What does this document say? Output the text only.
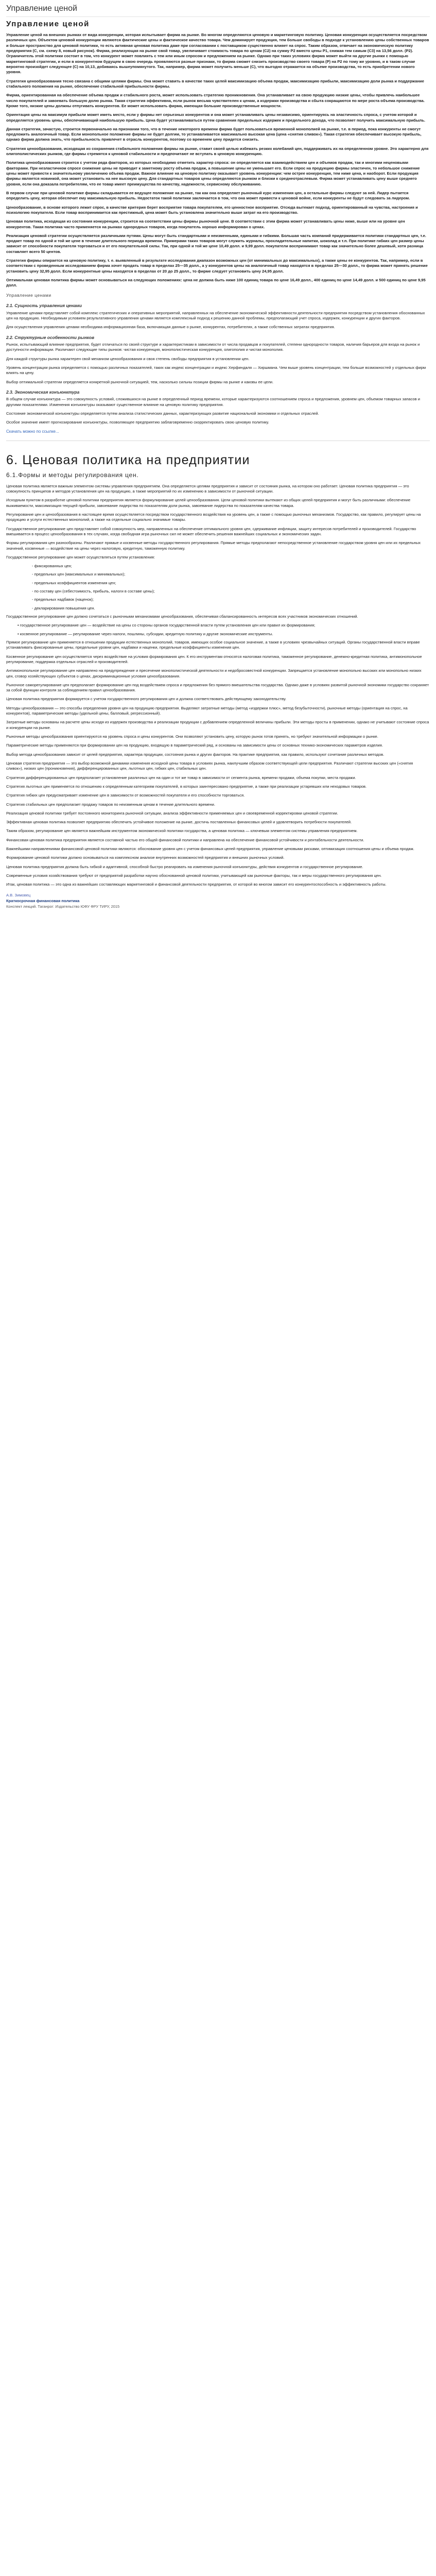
Управление ценой
Управление ценой

Управление ценой на внешних рынках от вида конкуренции, которая испытывает фирма на рынке. Во многом определяются ценовую и маркетинговую политику. Ценовая конкуренция осуществляется посредством различных цен. Объектом ценовой конкуренции являются фактические цены и фактическое качество товара. Чем доминирует продукция, тем больше свободы в подходе к установлению цены собственных товаров и больше пространство для ценовой политики, то есть активная ценовая политика даже при согласовании с поставщиком существенно влияет на спрос. Таким образом, отвечает на экономическую политику предприятия (С, см. схему 8, новый рисунок). Фирма, реализующая на рынке свой товар, увеличивает стоимость товара по ценам (С2) на сумму P2 вместо цены P1, снижая тем самым (C3) на 13,56 долл. (P2). Ограничитель этой политики состоит в том, что конкурент может повлиять с тем или иным спросом и предложением на рынке. Однако при таких условиях фирма может выйти на другие рынки с помощью маркетинговой стратегии, и если в конкурентном будущем в свою очередь проявляются разные признаки, то фирма сможет снизить производство своего товара (P) на Р2 по тому же уровню, и в таком случае вероятно произойдет следующее (C) на 10,13, добиваясь вышеупомянутого. Так, например, фирма может получить меньше (С), что выгодно отражается на объеме производства, то есть приобретении нового уровня.

Стратегия ценообразования тесно связана с общими целями фирмы. Она может ставить в качестве таких целей максимизацию объема продаж, максимизацию прибыли, максимизацию доли рынка и поддержание стабильного положения на рынке, обеспечение стабильной прибыльности фирмы.

Фирма, ориентированная на обеспечение объема продаж и стабильного роста, может использовать стратегию проникновения. Она устанавливает на свою продукцию низкие цены, чтобы привлечь наибольшее число покупателей и завоевать большую долю рынка. Такая стратегия эффективна, если рынок весьма чувствителен к ценам, а издержки производства и сбыта сокращаются по мере роста объема производства. Кроме того, низкие цены должны отпугивать конкурентов. Ее может использовать фирма, имеющая большие производственные мощности.

Ориентация цены на максимум прибыли может иметь место, если у фирмы нет серьезных конкурентов и она может устанавливать цены независимо, ориентируясь на эластичность спроса, с учетом которой и определяется уровень цены, обеспечивающий наибольшую прибыль. Цена будет устанавливаться путем сравнения предельных издержек и предельного дохода, что позволяет получить максимальную прибыль.

Данная стратегия, зачастую, строится первоначально на признании того, что в течение некоторого времени фирма будет пользоваться временной монополией на рынке, т.е. в период, пока конкуренты не смогут предложить аналогичный товар. Если монопольное положение фирмы не будет долгим, то устанавливается максимально высокая цена (цена «снятия сливок»). Такая стратегия обеспечивает высокую прибыль, однако фирма должна знать, что прибыльность привлечет в отрасль конкурентов, поэтому со временем цену придется снизить.

Стратегия ценообразования, исходящая из сохранения стабильного положения фирмы на рынке, ставит своей целью избежать резких колебаний цен, поддерживать их на определенном уровне. Это характерно для олигополистических рынков, где фирмы стремятся к ценовой стабильности и предпочитают не вступать в ценовую конкуренцию.

Политика ценообразования строится с учетом ряда факторов, из которых необходимо отметить характер спроса: он определяется как взаимодействием цен и объемов продаж, так и многими неценовыми факторами. При неэластичном спросе снижение цены не приводит к заметному росту объема продаж, а повышение цены не уменьшает его. Если спрос на продукцию фирмы эластичен, то небольшое снижение цены может привести к значительному увеличению объема продаж. Важное влияние на ценовую политику оказывает уровень конкуренции: чем острее конкуренция, тем ниже цена, и наоборот. Если продукция фирмы является новинкой, она может установить на нее высокую цену. Для стандартных товаров цены определяются рынком и близки к среднеотраслевым. Фирма может устанавливать цену выше среднего уровня, если она доказала потребителям, что ее товар имеет преимущества по качеству, надежности, сервисному обслуживанию.

В первом случае при ценовой политике фирмы складывается ее ведущее положение на рынке, так как она определяет рыночный курс изменения цен, а остальные фирмы следуют за ней. Лидер пытается определить цену, которая обеспечит ему максимальную прибыль. Недостаток такой политики заключается в том, что она может привести к ценовой войне, если конкуренты не будут следовать за лидером.

Ценообразование, в основе которого лежит спрос, в качестве критерия берет восприятие товара покупателем, его ценностное восприятие. Отсюда вытекает подход, ориентированный на чувства, настроения и психологию покупателя. Если товар воспринимается как престижный, цена может быть установлена значительно выше затрат на его производство.

Ценовая политика, исходящая из состояния конкуренции, строится на соответствии цены фирмы рыночной цене. В соответствии с этим фирма может устанавливать цены ниже, выше или на уровне цен конкурентов. Такая политика часто применяется на рынках однородных товаров, когда покупатель хорошо информирован о ценах.

Реализация ценовой стратегии осуществляется различными путями. Цены могут быть стандартными и неизменными, едиными и гибкими. Большая часть компаний придерживается политики стандартных цен, т.е. продает товар по одной и той же цене в течение длительного периода времени. Примерами таких товаров могут служить журналы, прохладительные напитки, шоколад и т.п. При политике гибких цен размер цены зависит от способности покупателя торговаться и от его покупательной силы. Так, при одной и той же цене 10,49 долл. и 9,99 долл. покупатели воспринимают товар как значительно более дешевый, хотя разница составляет всего 50 центов.

Стратегия фирмы опирается на ценовую политику, т. е. выявленный в результате исследования диапазон возможных цен (от минимальных до максимальных), а также цены ее конкурентов. Так, например, если в соответствии с проведенным исследованием фирма хочет продать товар в пределах 25—35 долл., а у конкурентов цены на аналогичный товар находятся в пределах 25—30 долл., то фирма может принять решение установить цену 32,95 долл. Если конкурентные цены находятся в пределах от 20 до 25 долл., то фирме следует установить цену 24,95 долл.

Оптимальная ценовая политика фирмы может основываться на следующих положениях: цена не должна быть ниже 100 единиц товара по цене 16,49 долл., 400 единиц по цене 14,49 долл. и 500 единиц по цене 9,95 долл.

Управление ценами
2.1. Сущность управления ценами

Управление ценами представляет собой комплекс стратегических и оперативных мероприятий, направленных на обеспечение экономической эффективности деятельности предприятия посредством установления обоснованных цен на продукцию. Необходимым условием результативного управления ценами является комплексный подход к решению данной проблемы, предполагающий учет спроса, издержек, конкуренции и других факторов.

Для осуществления управления ценами необходима информационная база, включающая данные о рынке, конкурентах, потребителях, а также собственных затратах предприятия.

2.2. Структурные особенности рынков

Рынок, испытывающий влияние предприятия, будет отличаться по своей структуре и характеристикам в зависимости от числа продавцов и покупателей, степени однородности товаров, наличия барьеров для входа на рынок и доступности информации. Различают следующие типы рынков: чистая конкуренция, монополистическая конкуренция, олигополия и чистая монополия.

Для каждой структуры рынка характерен свой механизм ценообразования и своя степень свободы предприятия в установлении цен.

Уровень концентрации рынка определяется с помощью различных показателей, таких как индекс концентрации и индекс Херфиндаля — Хиршмана. Чем выше уровень концентрации, тем больше возможностей у отдельных фирм влиять на цену.

Выбор оптимальной стратегии определяется конкретной рыночной ситуацией, тем, насколько сильны позиции фирмы на рынке и каковы ее цели.

2.3. Экономическая конъюнктура

В общем случае конъюнктура — это совокупность условий, сложившихся на рынке в определенный период времени, которые характеризуются соотношением спроса и предложения, уровнем цен, объемом товарных запасов и другими показателями. Изменения конъюнктуры оказывают существенное влияние на ценовую политику предприятия.

Состояние экономической конъюнктуры определяется путем анализа статистических данных, характеризующих развитие национальной экономики и отдельных отраслей.

Особое значение имеет прогнозирование конъюнктуры, позволяющее предприятию заблаговременно скорректировать свою ценовую политику.

Скачать можно по ссылке...
6. Ценовая политика на предприятии
6.1.Формы и методы регулирования цен.

Ценовая политика является важным элементом системы управления предприятием. Она определяется целями предприятия и зависит от состояния рынка, на котором оно работает. Ценовая политика предприятия — это совокупность принципов и методов установления цен на продукцию, а также мероприятий по их изменению в зависимости от рыночной ситуации.

Исходным пунктом в разработке ценовой политики предприятия является формулирование целей ценообразования. Цели ценовой политики вытекают из общих целей предприятия и могут быть различными: обеспечение выживаемости, максимизация текущей прибыли, завоевание лидерства по показателям доли рынка, завоевание лидерства по показателям качества товара.

Регулирование цен и ценообразования в настоящее время осуществляется посредством государственного воздействия на уровень цен, а также с помощью рыночных механизмов. Государство, как правило, регулирует цены на продукцию и услуги естественных монополий, а также на отдельные социально значимые товары.

Государственное регулирование цен представляет собой совокупность мер, направленных на обеспечение оптимального уровня цен, сдерживание инфляции, защиту интересов потребителей и производителей. Государство вмешивается в процесс ценообразования в тех случаях, когда свободная игра рыночных сил не может обеспечить решения важнейших социальных и экономических задач.

Формы регулирования цен разнообразны. Различают прямые и косвенные методы государственного регулирования. Прямые методы предполагают непосредственное установление государством уровня цен или их предельных значений, косвенные — воздействие на цены через налоговую, кредитную, таможенную политику.

Государственное регулирование цен может осуществляться путем установления:

- фиксированных цен;

- предельных цен (максимальных и минимальных);

- предельных коэффициентов изменения цен;

- по составу цен (себестоимость, прибыль, налоги в составе цены);

- предельных надбавок (наценок);

- декларирования повышения цен.

Государственное регулирование цен должно сочетаться с рыночными механизмами ценообразования, обеспечивая сбалансированность интересов всех участников экономических отношений.

• государственное регулирование цен — воздействие на цены со стороны органов государственной власти путем установления цен или правил их формирования;

• косвенное регулирование — регулирование через налоги, пошлины, субсидии, кредитную политику и другие экономические инструменты.

Прямое регулирование цен применяется в отношении продукции естественных монополий, товаров, имеющих особое социальное значение, а также в условиях чрезвычайных ситуаций. Органы государственной власти вправе устанавливать фиксированные цены, предельные уровни цен, надбавки и наценки, предельные коэффициенты изменения цен.

Косвенное регулирование цен осуществляется через воздействие на условия формирования цен. К его инструментам относятся налоговая политика, таможенное регулирование, денежно-кредитная политика, антимонопольное регулирование, поддержка отдельных отраслей и производителей.

Антимонопольное регулирование цен направлено на предупреждение и пресечение монополистической деятельности и недобросовестной конкуренции. Запрещается установление монопольно высоких или монопольно низких цен, сговор хозяйствующих субъектов о ценах, дискриминационные условия ценообразования.

Рыночное саморегулирование цен предполагает формирование цен под воздействием спроса и предложения без прямого вмешательства государства. Однако даже в условиях развитой рыночной экономики государство сохраняет за собой функции контроля за соблюдением правил ценообразования.

Ценовая политика предприятия формируется с учетом государственного регулирования цен и должна соответствовать действующему законодательству.

Методы ценообразования — это способы определения уровня цен на продукцию предприятия. Выделяют затратные методы (метод «издержки плюс», метод безубыточности), рыночные методы (ориентация на спрос, на конкурентов), параметрические методы (удельной цены, балловый, регрессионный).

Затратные методы основаны на расчете цены исходя из издержек производства и реализации продукции с добавлением определенной величины прибыли. Эти методы просты в применении, однако не учитывают состояние спроса и конкуренции на рынке.

Рыночные методы ценообразования ориентируются на уровень спроса и цены конкурентов. Они позволяют установить цену, которую рынок готов принять, но требуют значительной информации о рынке.

Параметрические методы применяются при формировании цен на продукцию, входящую в параметрический ряд, и основаны на зависимости цены от основных технико-экономических параметров изделия.

Выбор метода ценообразования зависит от целей предприятия, характера продукции, состояния рынка и других факторов. На практике предприятия, как правило, используют сочетание различных методов.

Ценовая стратегия предприятия — это выбор возможной динамики изменения исходной цены товара в условиях рынка, наилучшим образом соответствующей цели предприятия. Различают стратегии высоких цен («снятия сливок»), низких цен (проникновения), дифференцированных цен, льготных цен, гибких цен, стабильных цен.

Стратегия дифференцированных цен предполагает установление различных цен на один и тот же товар в зависимости от сегмента рынка, времени продажи, объема покупки, места продажи.

Стратегия льготных цен применяется по отношению к определенным категориям покупателей, в которых заинтересовано предприятие, а также при реализации устаревших или неходовых товаров.

Стратегия гибких цен предусматривает изменение цен в зависимости от возможностей покупателя и его способности торговаться.

Стратегия стабильных цен предполагает продажу товаров по неизменным ценам в течение длительного времени.

Реализация ценовой политики требует постоянного мониторинга рыночной ситуации, анализа эффективности применяемых цен и своевременной корректировки ценовой стратегии.

Эффективная ценовая политика позволяет предприятию обеспечить устойчивое положение на рынке, достичь поставленных финансовых целей и удовлетворить потребности покупателей.

Таким образом, регулирование цен является важнейшим инструментом экономической политики государства, а ценовая политика — ключевым элементом системы управления предприятием.

Финансовая ценовая политика предприятия является составной частью его общей финансовой политики и направлена на обеспечение финансовой устойчивости и рентабельности деятельности.

Важнейшими направлениями финансовой ценовой политики являются: обоснование уровня цен с учетом финансовых целей предприятия, управление ценовыми рисками, оптимизация соотношения цены и объема продаж.

Формирование ценовой политики должно основываться на комплексном анализе внутренних возможностей предприятия и внешних рыночных условий.

Ценовая политика предприятия должна быть гибкой и адаптивной, способной быстро реагировать на изменения рыночной конъюнктуры, действия конкурентов и государственное регулирование.

Современные условия хозяйствования требуют от предприятий разработки научно обоснованной ценовой политики, учитывающей как рыночные факторы, так и меры государственного регулирования цен.

Итак, ценовая политика — это одна из важнейших составляющих маркетинговой и финансовой деятельности предприятия, от которой во многом зависит его конкурентоспособность и эффективность работы.

А.В. Зимовец
Краткосрочная финансовая политика
Конспект лекций. Таганрог: Издательство ЮФУ ФРУ ТИРУ, 2015
